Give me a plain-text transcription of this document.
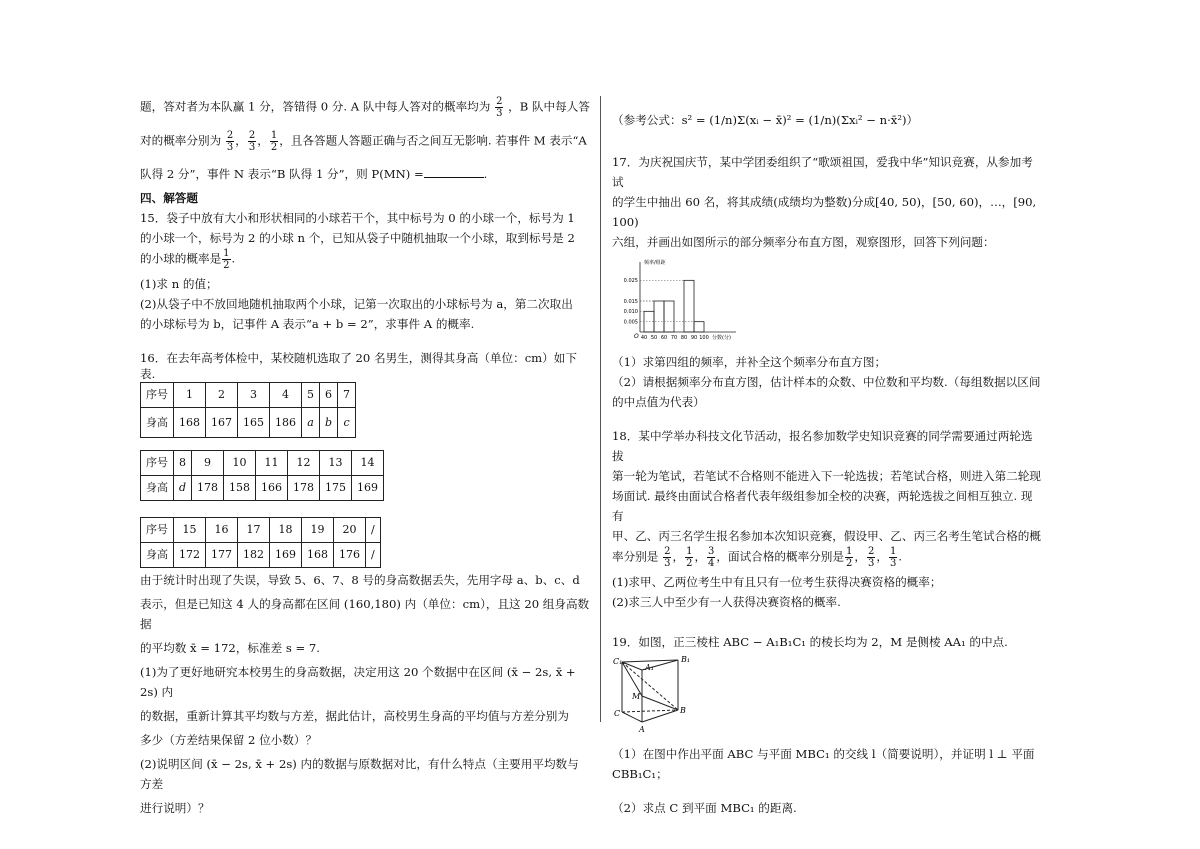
题，答对者为本队赢 1 分，答错得 0 分. A 队中每人答对的概率均为 $\frac{2}{3}$ ，B 队中每人答

对的概率分别为 $\frac{2}{3}$ ， $\frac{2}{3}$ ， $\frac{1}{2}$ ，且各答题人答题正确与否之间互无影响. 若事件 M 表示“A

队得 2 分”，事件 N 表示“B 队得 1 分”，则 P(MN) =	.

四、解答题

15．袋子中放有大小和形状相同的小球若干个，其中标号为 0 的小球一个，标号为 1

的小球一个，标号为 2 的小球 n 个，已知从袋子中随机抽取一个小球，取到标号是 2

的小球的概率是 $\frac{1}{2}$ .

(1)求 n 的值；

(2)从袋子中不放回地随机抽取两个小球，记第一次取出的小球标号为 a，第二次取出

的小球标号为 b，记事件 A 表示“a + b = 2”，求事件 A 的概率.

16．在去年高考体检中，某校随机选取了 20 名男生，测得其身高（单位：cm）如下

表.

序号	1	2	3	4	5	6	7
身高	168	167	165	186	a	b	c
序号	8	9	10	11	12	13	14
身高	d	178	158	166	178	175	169
序号	15	16	17	18	19	20	/
身高	172	177	182	169	168	176	/

由于统计时出现了失误，导致 5、6、7、8 号的身高数据丢失，先用字母 a、b、c、d

表示，但是已知这 4 人的身高都在区间 (160,180) 内（单位：cm），且这 20 组身高数据

的平均数 x̄ = 172，标准差 s = 7.

(1)为了更好地研究本校男生的身高数据，决定用这 20 个数据中在区间 (x̄ − 2s, x̄ + 2s) 内

的数据，重新计算其平均数与方差，据此估计，高校男生身高的平均值与方差分别为

多少（方差结果保留 2 位小数）？

(2)说明区间 (x̄ − 2s, x̄ + 2s) 内的数据与原数据对比，有什么特点（主要用平均数与方差

进行说明）？

（参考公式：s² = (1/n)Σ(xᵢ − x̄)² = (1/n)(Σxᵢ² − n·x̄²)）

17．为庆祝国庆节，某中学团委组织了“歌颂祖国，爱我中华”知识竞赛，从参加考试

的学生中抽出 60 名，将其成绩(成绩均为整数)分成[40, 50)，[50, 60)，…，[90, 100)

六组，并画出如图所示的部分频率分布直方图，观察图形，回答下列问题：

频率/组距
0.025
0.015
0.010
0.005
40 50 60 70 80 90 100 分数(分)
O

（1）求第四组的频率，并补全这个频率分布直方图；

（2）请根据频率分布直方图，估计样本的众数、中位数和平均数.（每组数据以区间

的中点值为代表）

18．某中学举办科技文化节活动，报名参加数学史知识竞赛的同学需要通过两轮选拔

第一轮为笔试，若笔试不合格则不能进入下一轮选拔；若笔试合格，则进入第二轮现

场面试. 最终由面试合格者代表年级组参加全校的决赛，两轮选拔之间相互独立. 现有

甲、乙、丙三名学生报名参加本次知识竞赛，假设甲、乙、丙三名考生笔试合格的概

率分别是 $\frac{2}{3}$ ， $\frac{1}{2}$ ， $\frac{3}{4}$ ，面试合格的概率分别是 $\frac{1}{2}$ ， $\frac{2}{3}$ ， $\frac{1}{3}$ .

(1)求甲、乙两位考生中有且只有一位考生获得决赛资格的概率；

(2)求三人中至少有一人获得决赛资格的概率.

19．如图，正三棱柱 ABC − A₁B₁C₁ 的棱长均为 2，M 是侧棱 AA₁ 的中点.

C₁
A₁
B₁
M
C	B
A

（1）在图中作出平面 ABC 与平面 MBC₁ 的交线 l（简要说明），并证明 l ⊥ 平面 CBB₁C₁；

（2）求点 C 到平面 MBC₁ 的距离.
